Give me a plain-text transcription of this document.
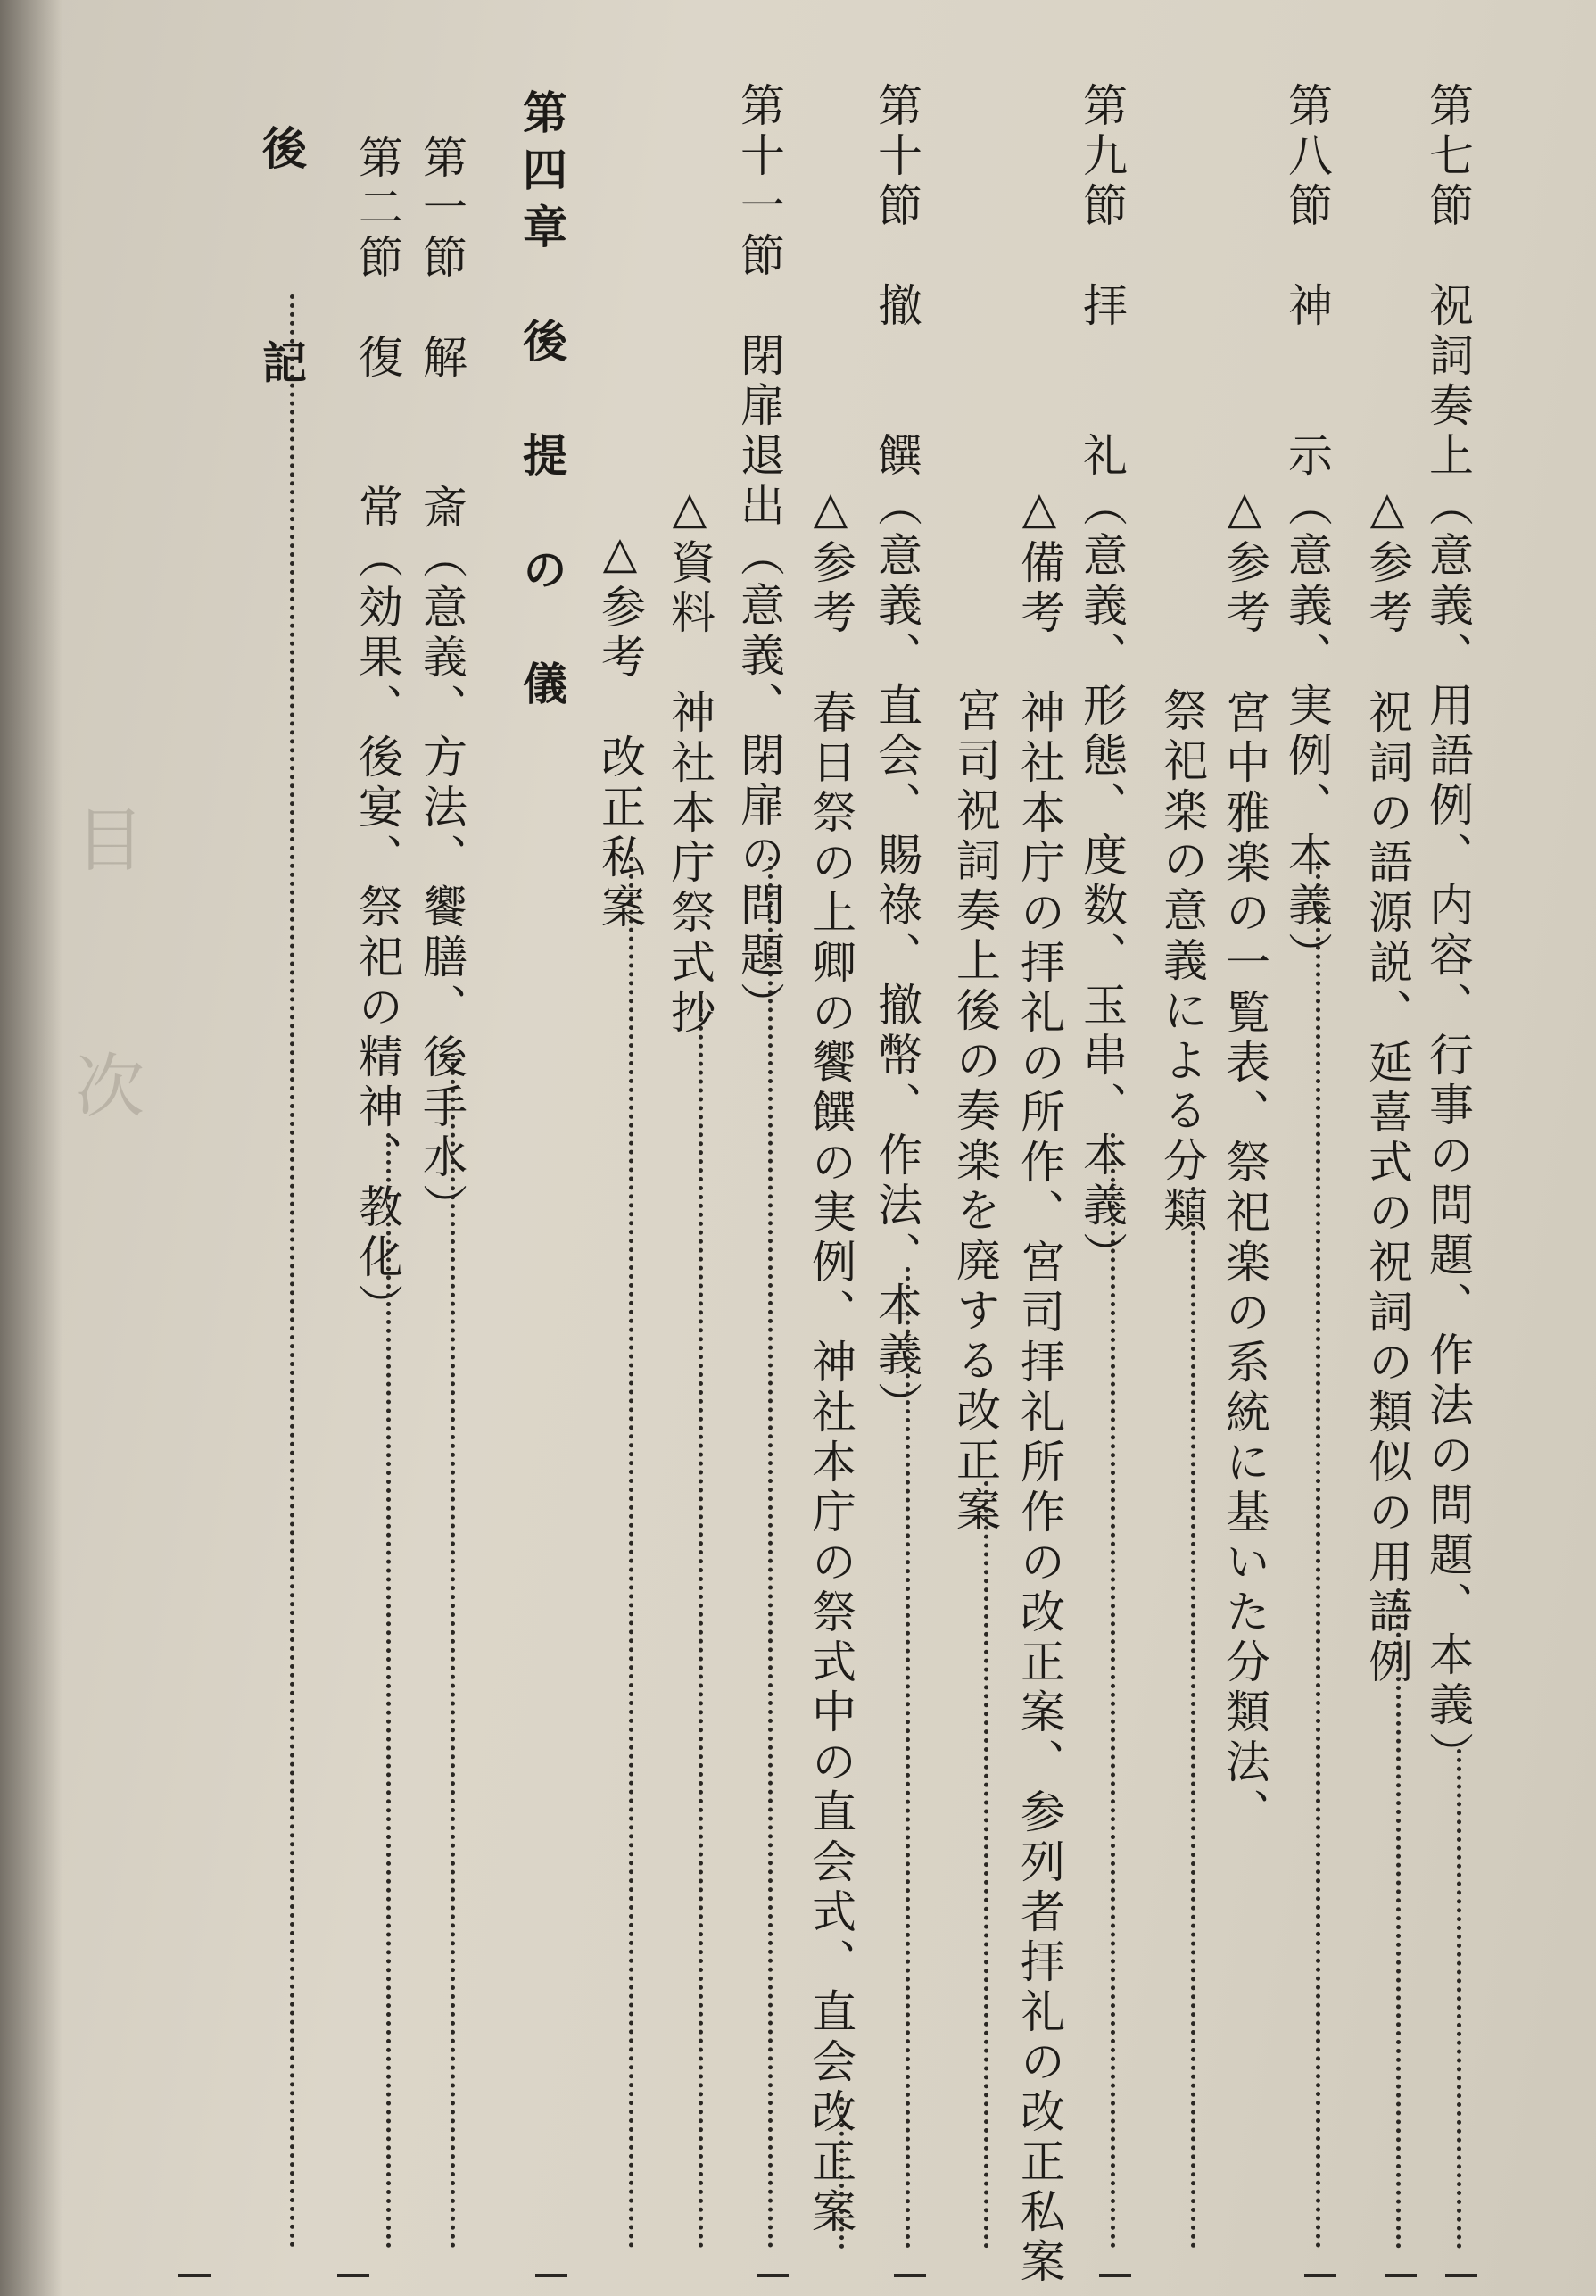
目　次	第七節　祝詞奏上（意義、用語例、内容、行事の問題、作法の問題、本義）
△参考　祝詞の語源説、延喜式の祝詞の類似の用語例
第八節　神　　示（意義、実例、本義）
△参考　宮中雅楽の一覧表、祭祀楽の系統に基いた分類法、
祭祀楽の意義による分類
第九節　拝　　礼（意義、形態、度数、玉串、本義）
△備考　神社本庁の拝礼の所作、宮司拝礼所作の改正案、参列者拝礼の改正私案
宮司祝詞奏上後の奏楽を廃する改正案
第十節　撤　　饌（意義、直会、賜祿、撤幣、作法、本義）
△参考　春日祭の上卿の饗饌の実例、神社本庁の祭式中の直会式、直会改正案
第十一節　閉扉退出（意義、閉扉の問題）
△資料　神社本庁祭式抄
△参考　改正私案
第四章　後　提　の　儀
第一節　解　　斎（意義、方法、饗膳、後手水）
第二節　復　　常（効果、後宴、祭祀の精神、教化）
後　　記
